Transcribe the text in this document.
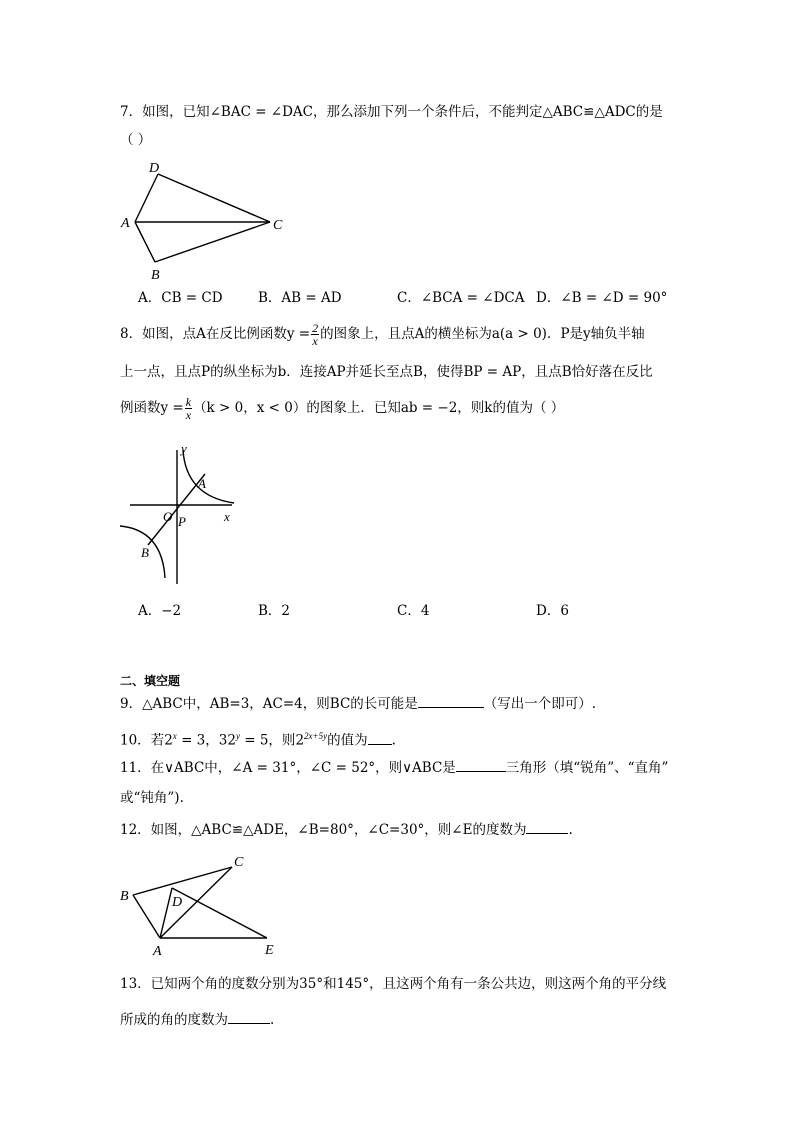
7．如图，已知∠BAC = ∠DAC，那么添加下列一个条件后，不能判定△ABC≌△ADC的是
（ ）
D
A
B
C
A．CB = CD	B．AB = AD	C．∠BCA = ∠DCA D．∠B = ∠D = 90°
8．如图，点A在反比例函数$y = \frac{2}{x}$ 的图象上，且点A的横坐标为a(a > 0)．P是y轴负半轴
上一点，且点P的纵坐标为b．连接AP并延长至点B，使得BP = AP，且点B恰好落在反比
例函数$y = \frac{k}{x} (k > 0$，x < 0）的图象上．已知ab = −2，则k的值为（ ）
y
x
O
A
P
B
A．−2	B．2	C．4	D．6
二、填空题
9．△ABC中，AB=3，AC=4，则BC的长可能是	（写出一个即可）.
10．若$2^x = 3$，$32^y = 5$，则$2^{2x+5y}$的值为 .
11．在∨ABC中，∠A = 31°，∠C = 52°，则∨ABC是	三角形（填“锐角”、“直角”
或“钝角”).
12．如图，△ABC≌△ADE，∠B=80°，∠C=30°，则∠E的度数为	.
B
C
D
A	E
13．已知两个角的度数分别为35°和145°，且这两个角有一条公共边，则这两个角的平分线
所成的角的度数为	.
